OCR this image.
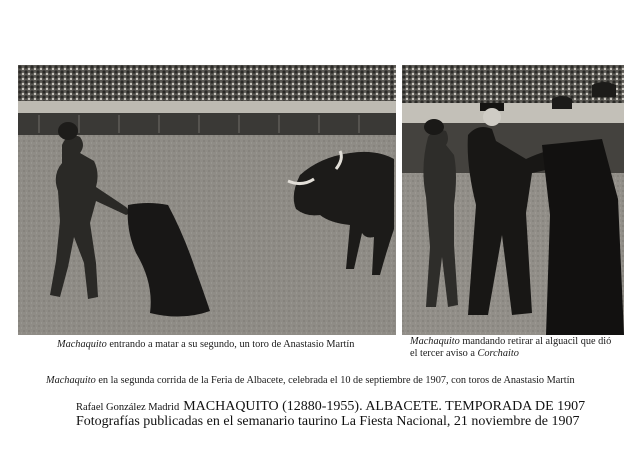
Machaquito entrando a matar a su segundo, un toro de Anastasio Martín	Machaquito mandando retirar al alguacil que dió
el tercer aviso a Corchaito
Machaquito en la segunda corrida de la Feria de Albacete, celebrada el 10 de septiembre de 1907, con toros de Anastasio Martín
Rafael González Madrid MACHAQUITO (12880-1955). ALBACETE. TEMPORADA DE 1907
Fotografías publicadas en el semanario taurino La Fiesta Nacional, 21 noviembre de 1907
